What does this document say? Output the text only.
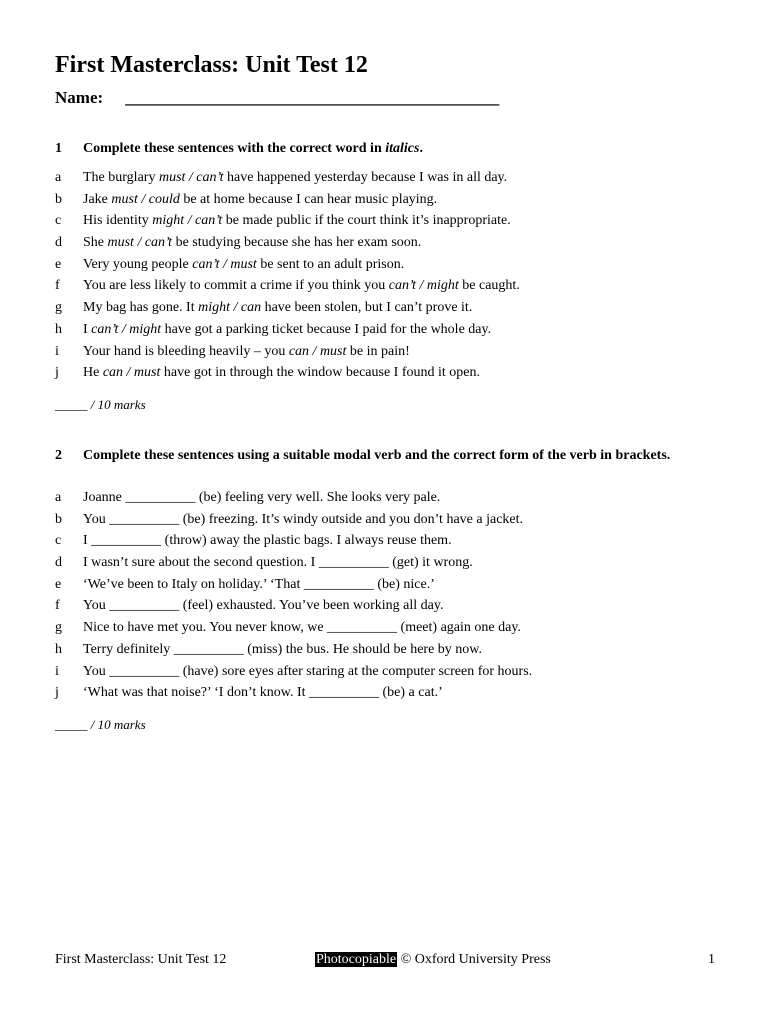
First Masterclass: Unit Test 12
Name: ____________________________________________
1 Complete these sentences with the correct word in italics.
a The burglary must / can’t have happened yesterday because I was in all day.
b Jake must / could be at home because I can hear music playing.
c His identity might / can’t be made public if the court think it’s inappropriate.
d She must / can’t be studying because she has her exam soon.
e Very young people can’t / must be sent to an adult prison.
f You are less likely to commit a crime if you think you can’t / might be caught.
g My bag has gone. It might / can have been stolen, but I can’t prove it.
h I can’t / might have got a parking ticket because I paid for the whole day.
i Your hand is bleeding heavily – you can / must be in pain!
j He can / must have got in through the window because I found it open.
_____ / 10 marks
2 Complete these sentences using a suitable modal verb and the correct form of the verb in brackets.
a Joanne __________ (be) feeling very well. She looks very pale.
b You __________ (be) freezing. It’s windy outside and you don’t have a jacket.
c I __________ (throw) away the plastic bags. I always reuse them.
d I wasn’t sure about the second question. I __________ (get) it wrong.
e ‘We’ve been to Italy on holiday.’ ‘That __________ (be) nice.’
f You __________ (feel) exhausted. You’ve been working all day.
g Nice to have met you. You never know, we __________ (meet) again one day.
h Terry definitely __________ (miss) the bus. He should be here by now.
i You __________ (have) sore eyes after staring at the computer screen for hours.
j ‘What was that noise?’ ‘I don’t know. It __________ (be) a cat.’
_____ / 10 marks
First Masterclass: Unit Test 12	Photocopiable © Oxford University Press	1
